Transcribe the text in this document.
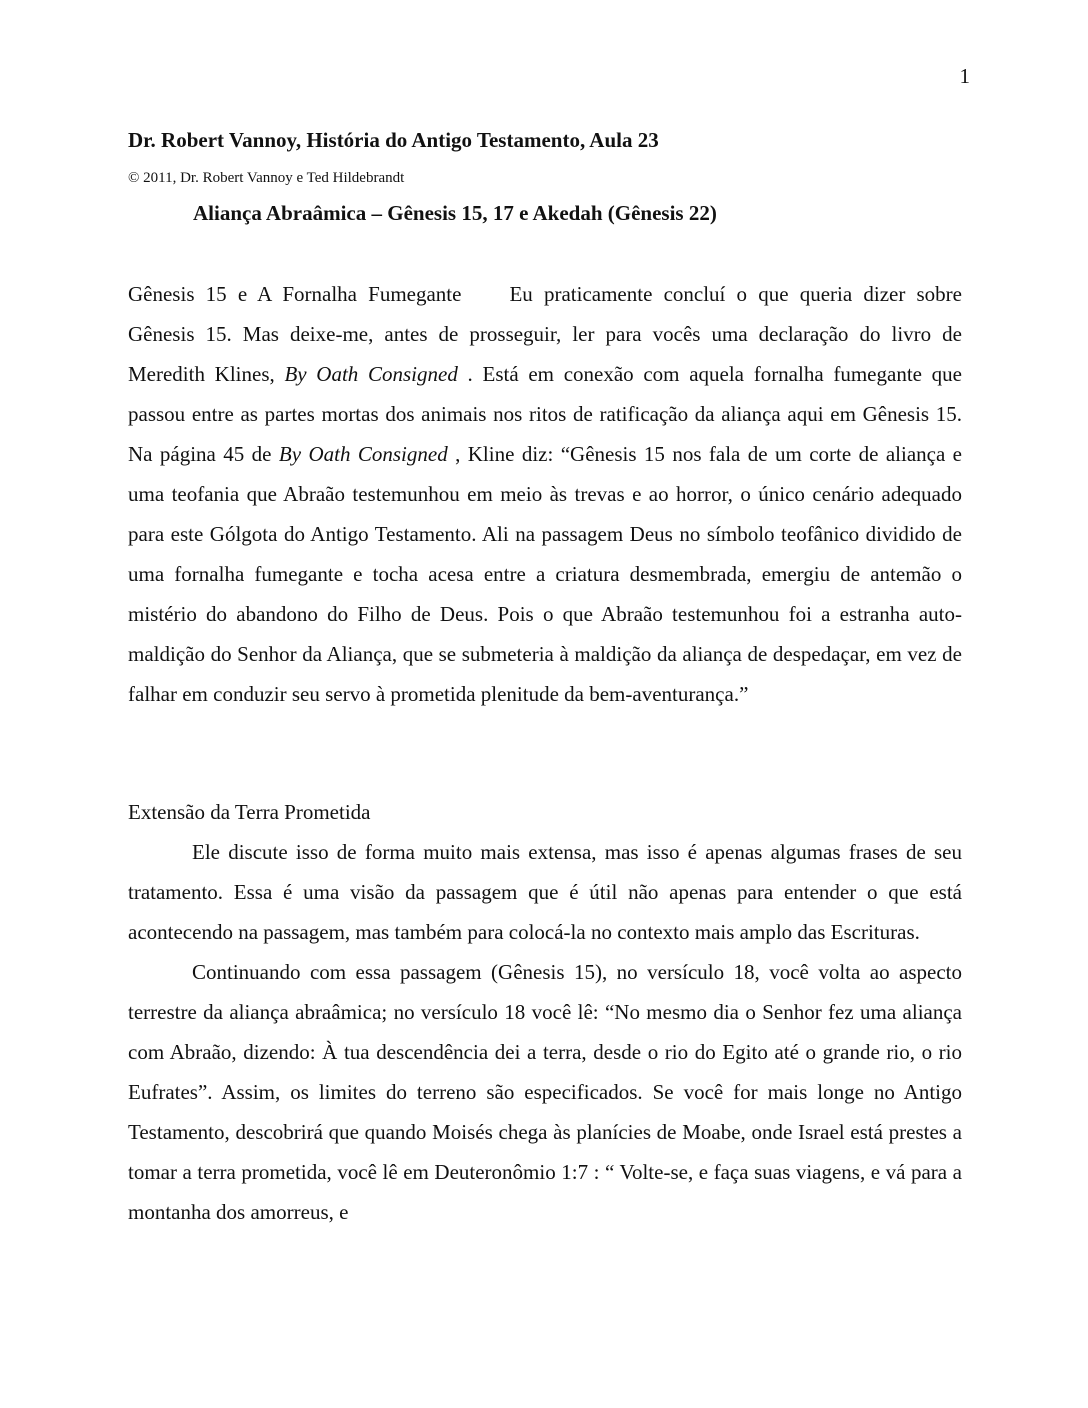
1
Dr. Robert Vannoy, História do Antigo Testamento, Aula 23
© 2011, Dr. Robert Vannoy e Ted Hildebrandt
Aliança Abraâmica – Gênesis 15, 17 e Akedah (Gênesis 22)

Gênesis 15 e A Fornalha Fumegante Eu praticamente concluí o que queria dizer sobre Gênesis 15. Mas deixe-me, antes de prosseguir, ler para vocês uma declaração do livro de Meredith Klines, By Oath Consigned . Está em conexão com aquela fornalha fumegante que passou entre as partes mortas dos animais nos ritos de ratificação da aliança aqui em Gênesis 15. Na página 45 de By Oath Consigned , Kline diz: “Gênesis 15 nos fala de um corte de aliança e uma teofania que Abraão testemunhou em meio às trevas e ao horror, o único cenário adequado para este Gólgota do Antigo Testamento. Ali na passagem Deus no símbolo teofânico dividido de uma fornalha fumegante e tocha acesa entre a criatura desmembrada, emergiu de antemão o mistério do abandono do Filho de Deus. Pois o que Abraão testemunhou foi a estranha auto-maldição do Senhor da Aliança, que se submeteria à maldição da aliança de despedaçar, em vez de falhar em conduzir seu servo à prometida plenitude da bem-aventurança.”

Extensão da Terra Prometida

Ele discute isso de forma muito mais extensa, mas isso é apenas algumas frases de seu tratamento. Essa é uma visão da passagem que é útil não apenas para entender o que está acontecendo na passagem, mas também para colocá-la no contexto mais amplo das Escrituras.

Continuando com essa passagem (Gênesis 15), no versículo 18, você volta ao aspecto terrestre da aliança abraâmica; no versículo 18 você lê: “No mesmo dia o Senhor fez uma aliança com Abraão, dizendo: À tua descendência dei a terra, desde o rio do Egito até o grande rio, o rio Eufrates”. Assim, os limites do terreno são especificados. Se você for mais longe no Antigo Testamento, descobrirá que quando Moisés chega às planícies de Moabe, onde Israel está prestes a tomar a terra prometida, você lê em Deuteronômio 1:7 : “ Volte-se, e faça suas viagens, e vá para a montanha dos amorreus, e
